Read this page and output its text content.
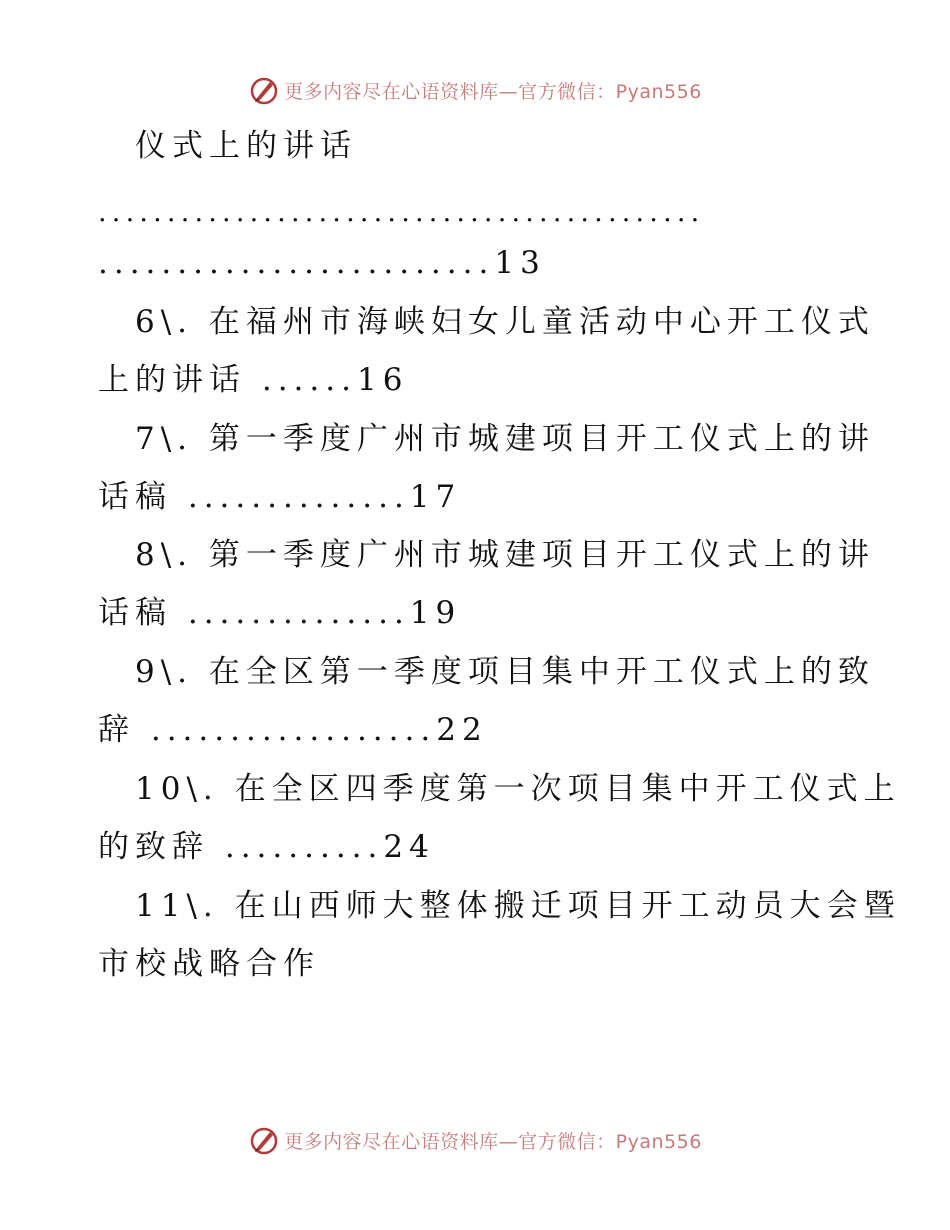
更多内容尽在心语资料库—官方微信：Pyan556
仪式上的讲话
............................................
.........................13
6\. 在福州市海峡妇女儿童活动中心开工仪式
上的讲话 ......16
7\. 第一季度广州市城建项目开工仪式上的讲
话稿 ..............17
8\. 第一季度广州市城建项目开工仪式上的讲
话稿 ..............19
9\. 在全区第一季度项目集中开工仪式上的致
辞 ..................22
10\. 在全区四季度第一次项目集中开工仪式上
的致辞 ..........24
11\. 在山西师大整体搬迁项目开工动员大会暨
市校战略合作
更多内容尽在心语资料库—官方微信：Pyan556
